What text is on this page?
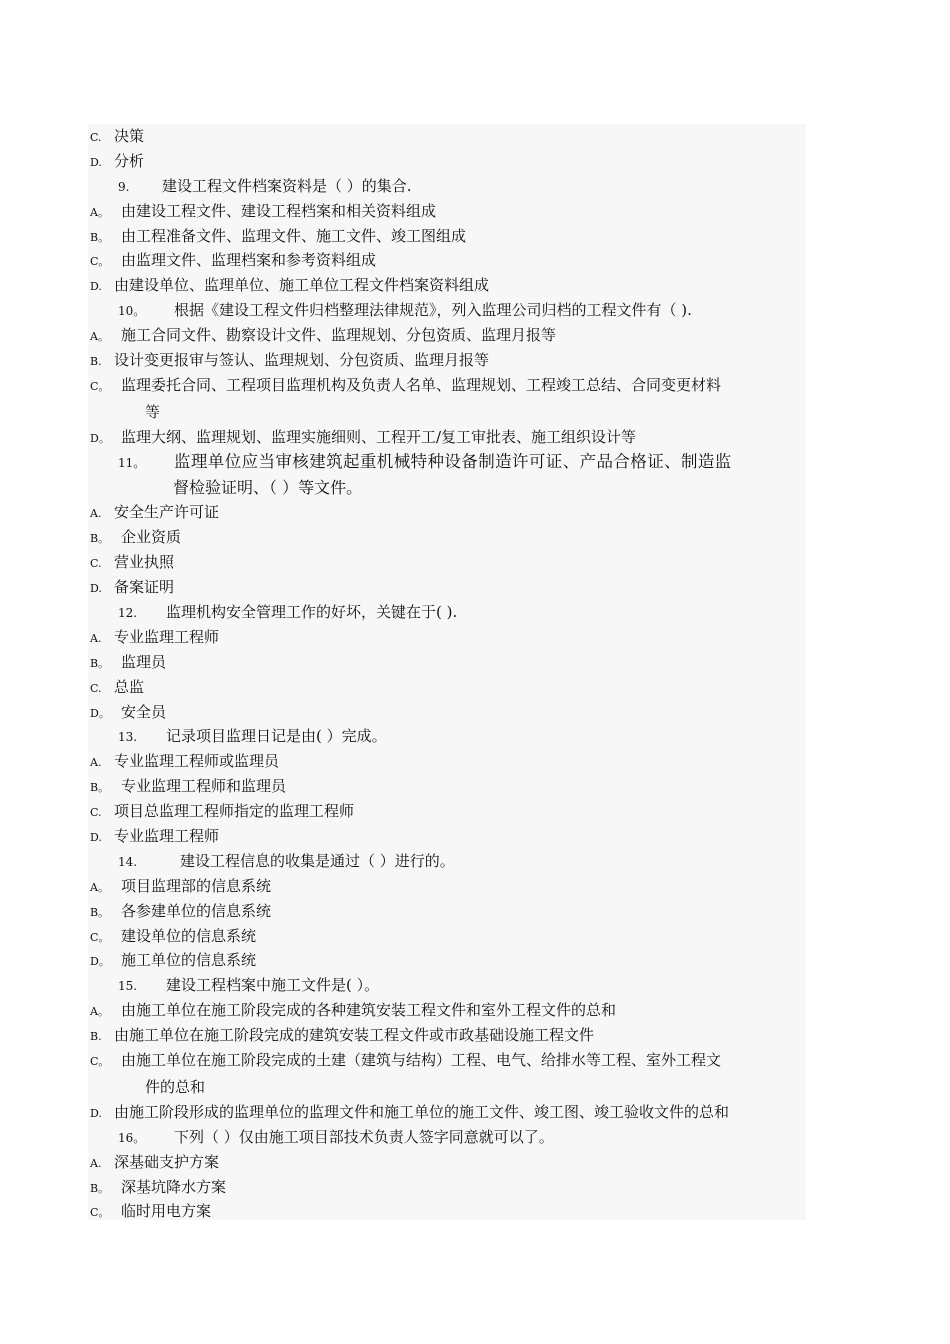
C. 决策
D. 分析
9. 建设工程文件档案资料是（ ）的集合.
A。 由建设工程文件、建设工程档案和相关资料组成
B。 由工程准备文件、监理文件、施工文件、竣工图组成
C。 由监理文件、监理档案和参考资料组成
D. 由建设单位、监理单位、施工单位工程文件档案资料组成
10。 根据《建设工程文件归档整理法律规范》，列入监理公司归档的工程文件有（ ).
A。 施工合同文件、勘察设计文件、监理规划、分包资质、监理月报等
B. 设计变更报审与签认、监理规划、分包资质、监理月报等
C。 监理委托合同、工程项目监理机构及负责人名单、监理规划、工程竣工总结、合同变更材料
等
D。 监理大纲、监理规划、监理实施细则、工程开工/复工审批表、施工组织设计等
11。 监理单位应当审核建筑起重机械特种设备制造许可证、产品合格证、制造监
督检验证明、（ ）等文件。
A. 安全生产许可证
B。 企业资质
C. 营业执照
D. 备案证明
12. 监理机构安全管理工作的好坏，关键在于( ).
A. 专业监理工程师
B。 监理员
C. 总监
D。 安全员
13. 记录项目监理日记是由( ）完成。
A. 专业监理工程师或监理员
B。 专业监理工程师和监理员
C. 项目总监理工程师指定的监理工程师
D. 专业监理工程师
14.	建设工程信息的收集是通过（ ）进行的。
A。 项目监理部的信息系统
B。 各参建单位的信息系统
C。 建设单位的信息系统
D。 施工单位的信息系统
15. 建设工程档案中施工文件是( ）。
A。 由施工单位在施工阶段完成的各种建筑安装工程文件和室外工程文件的总和
B. 由施工单位在施工阶段完成的建筑安装工程文件或市政基础设施工程文件
C。 由施工单位在施工阶段完成的土建（建筑与结构）工程、电气、给排水等工程、室外工程文
件的总和
D. 由施工阶段形成的监理单位的监理文件和施工单位的施工文件、竣工图、竣工验收文件的总和
16。 下列（ ）仅由施工项目部技术负责人签字同意就可以了。
A. 深基础支护方案
B。 深基坑降水方案
C。 临时用电方案
